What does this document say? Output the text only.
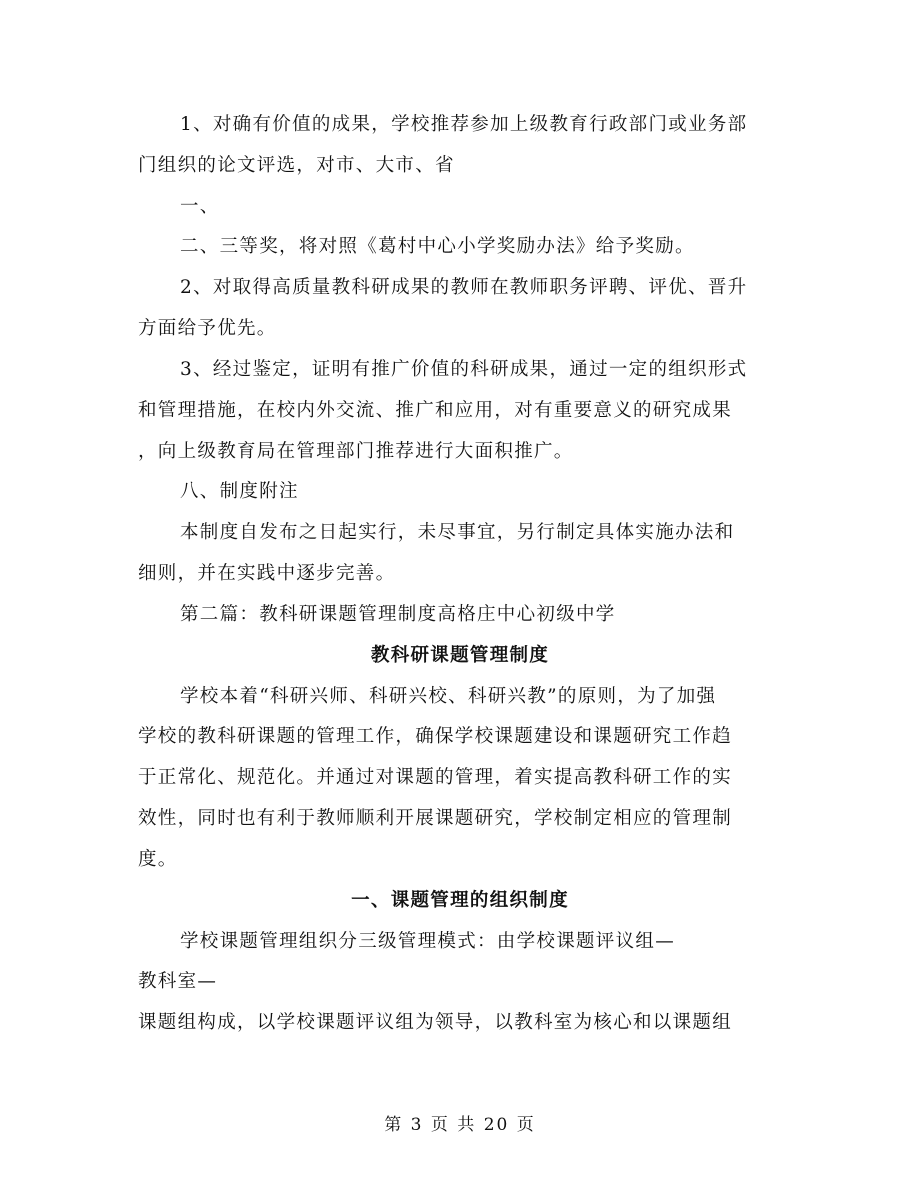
1、对确有价值的成果，学校推荐参加上级教育行政部门或业务部
门组织的论文评选，对市、大市、省
一、
二、三等奖，将对照《葛村中心小学奖励办法》给予奖励。
2、对取得高质量教科研成果的教师在教师职务评聘、评优、晋升
方面给予优先。
3、经过鉴定，证明有推广价值的科研成果，通过一定的组织形式
和管理措施，在校内外交流、推广和应用，对有重要意义的研究成果
，向上级教育局在管理部门推荐进行大面积推广。
八、制度附注
本制度自发布之日起实行，未尽事宜，另行制定具体实施办法和
细则，并在实践中逐步完善。
第二篇：教科研课题管理制度高格庄中心初级中学
教科研课题管理制度
学校本着“科研兴师、科研兴校、科研兴教”的原则，为了加强
学校的教科研课题的管理工作，确保学校课题建设和课题研究工作趋
于正常化、规范化。并通过对课题的管理，着实提高教科研工作的实
效性，同时也有利于教师顺利开展课题研究，学校制定相应的管理制
度。
一、课题管理的组织制度
学校课题管理组织分三级管理模式：由学校课题评议组—
教科室—
课题组构成，以学校课题评议组为领导，以教科室为核心和以课题组
第 3 页 共 20 页
